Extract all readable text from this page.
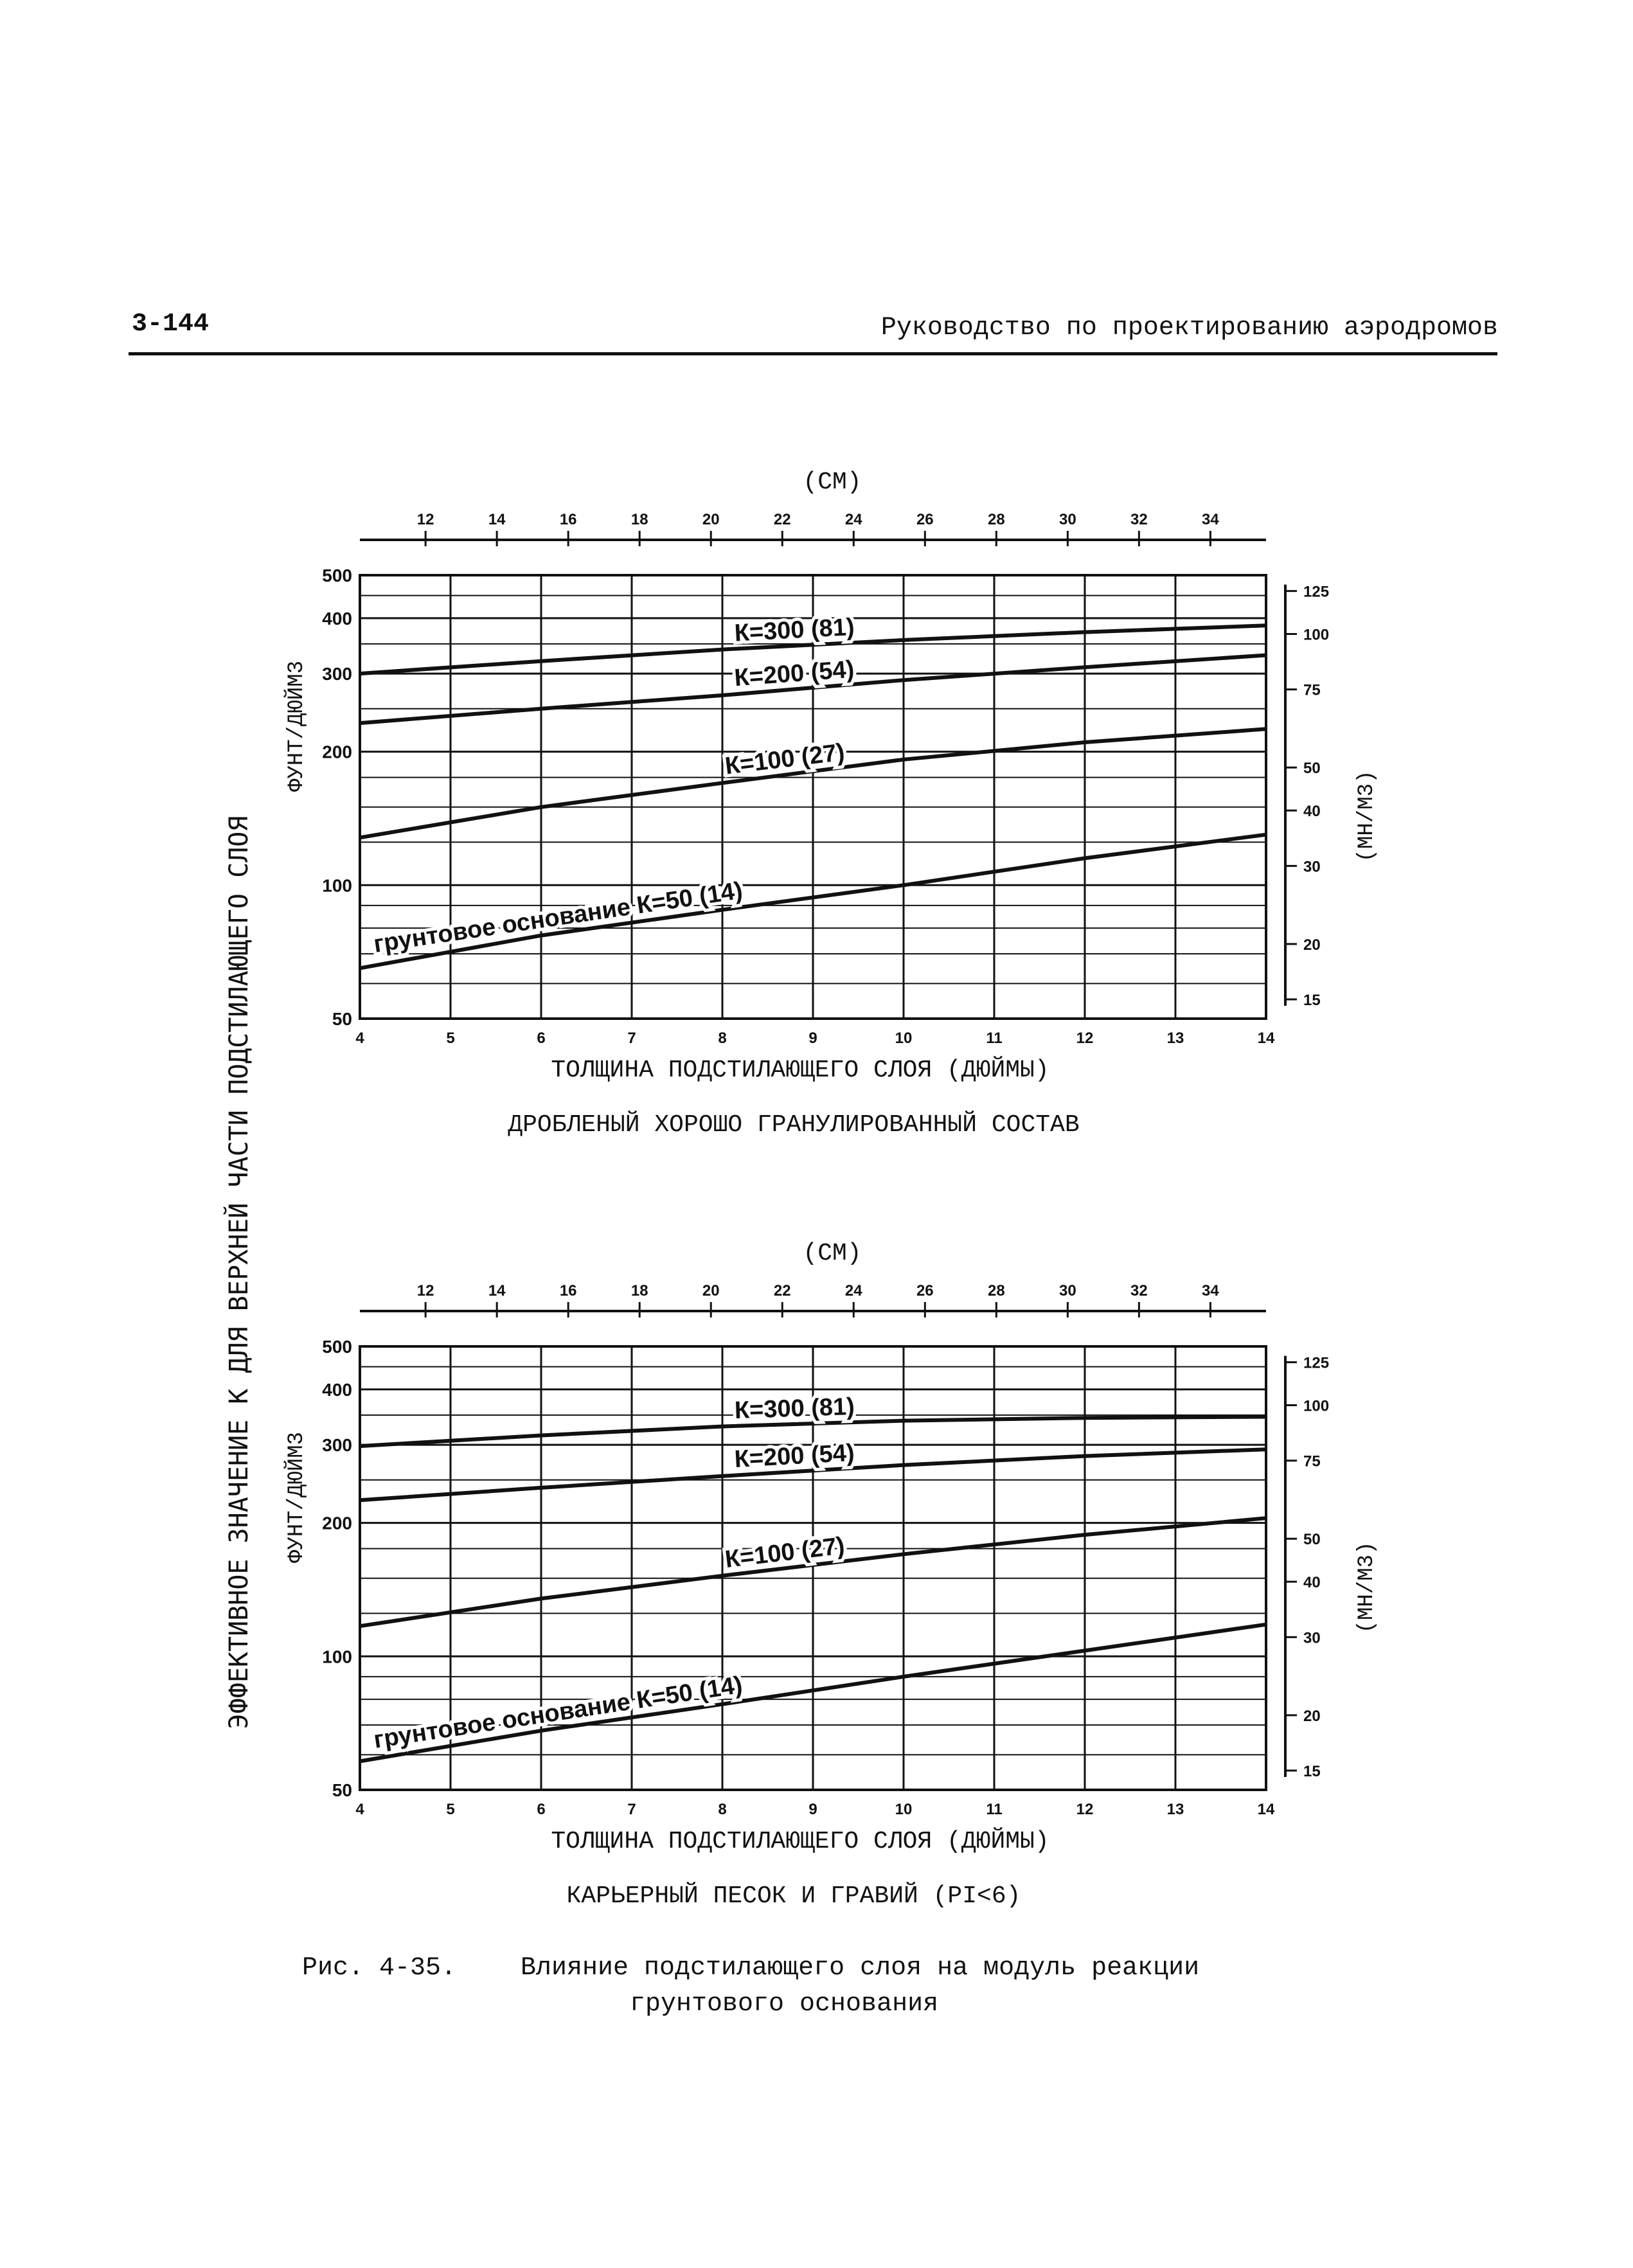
3-144	Руководство по проектированию аэродромов
ЭФФЕКТИВНОЕ ЗНАЧЕНИЕ К ДЛЯ ВЕРХНЕЙ ЧАСТИ ПОДСТИЛАЮЩЕГО СЛОЯ	50
100
200
300
400
500
4	5	6	7	8	9	10	11	12	13	14
12	14	16	18	20	22	24	26	28	30	32	34
(СМ)
15
20
30
40
50
75
100
125
(МН/М3)
ФУНТ/ДЮЙМ3
К=300 (81)
К=200 (54)
К=100 (27)
грунтовое основание К=50 (14)
ТОЛЩИНА ПОДСТИЛАЮЩЕГО СЛОЯ (ДЮЙМЫ)
ДРОБЛЕНЫЙ ХОРОШО ГРАНУЛИРОВАННЫЙ СОСТАВ
50
100
200
300
400
500
4	5	6	7	8	9	10	11	12	13	14
12	14	16	18	20	22	24	26	28	30	32	34
(СМ)
15
20
30
40
50
75
100
125
(МН/М3)
ФУНТ/ДЮЙМ3
К=300 (81)
К=200 (54)
К=100 (27)
грунтовое основание К=50 (14)
ТОЛЩИНА ПОДСТИЛАЮЩЕГО СЛОЯ (ДЮЙМЫ)
КАРЬЕРНЫЙ ПЕСОК И ГРАВИЙ (PI<6)
Рис. 4-35. Влияние подстилающего слоя на модуль реакции
грунтового основания
